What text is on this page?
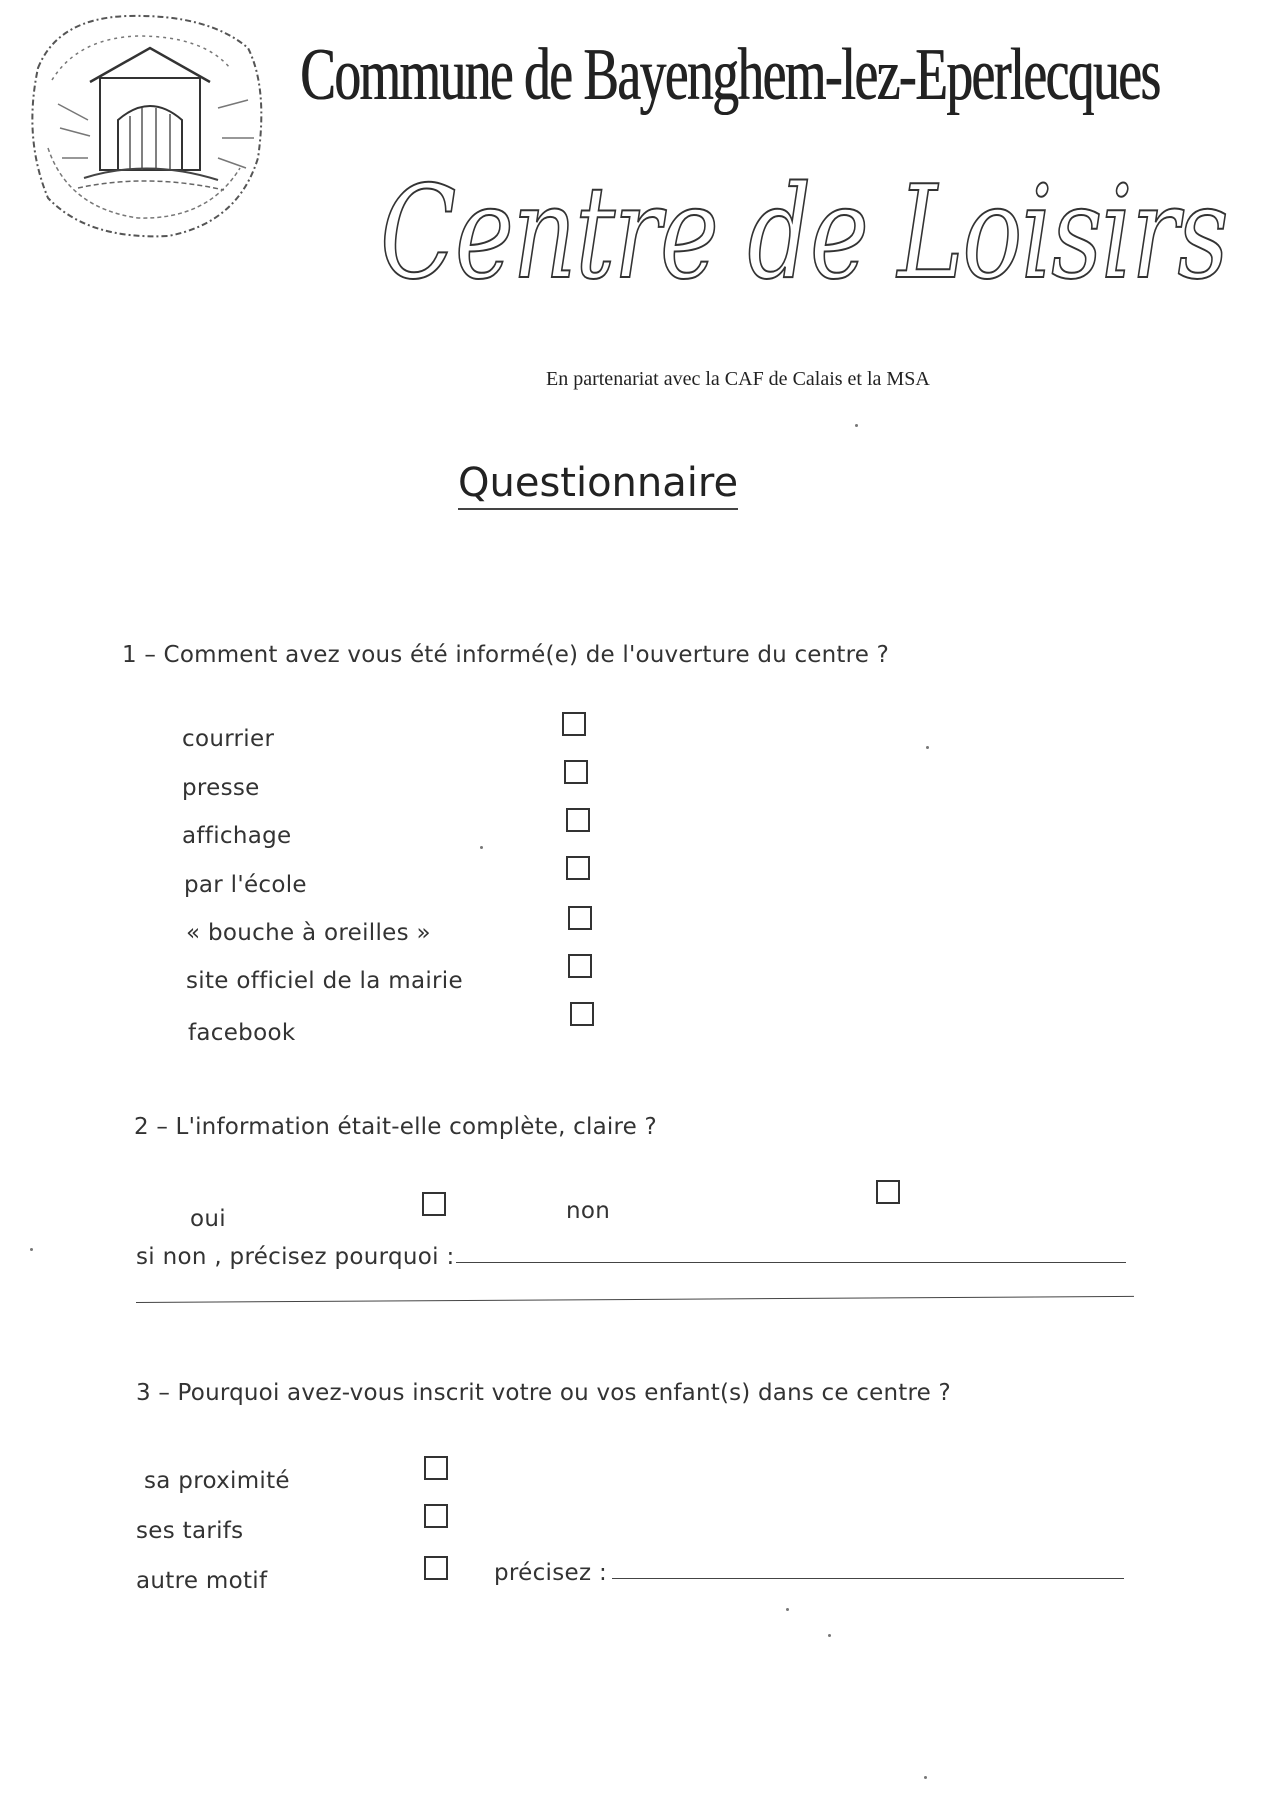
Commune de Bayenghem-lez-Eperlecques
Centre de Loisirs
En partenariat avec la CAF de Calais et la MSA
Questionnaire
1 – Comment avez vous été informé(e) de l'ouverture du centre ?
courrier
presse
affichage
par l'école
« bouche à oreilles »
site officiel de la mairie
facebook
2 – L'information était-elle complète, claire ?
oui	non
si non , précisez pourquoi :
3 – Pourquoi avez-vous inscrit votre ou vos enfant(s) dans ce centre ?
sa proximité
ses tarifs
autre motif	précisez :
